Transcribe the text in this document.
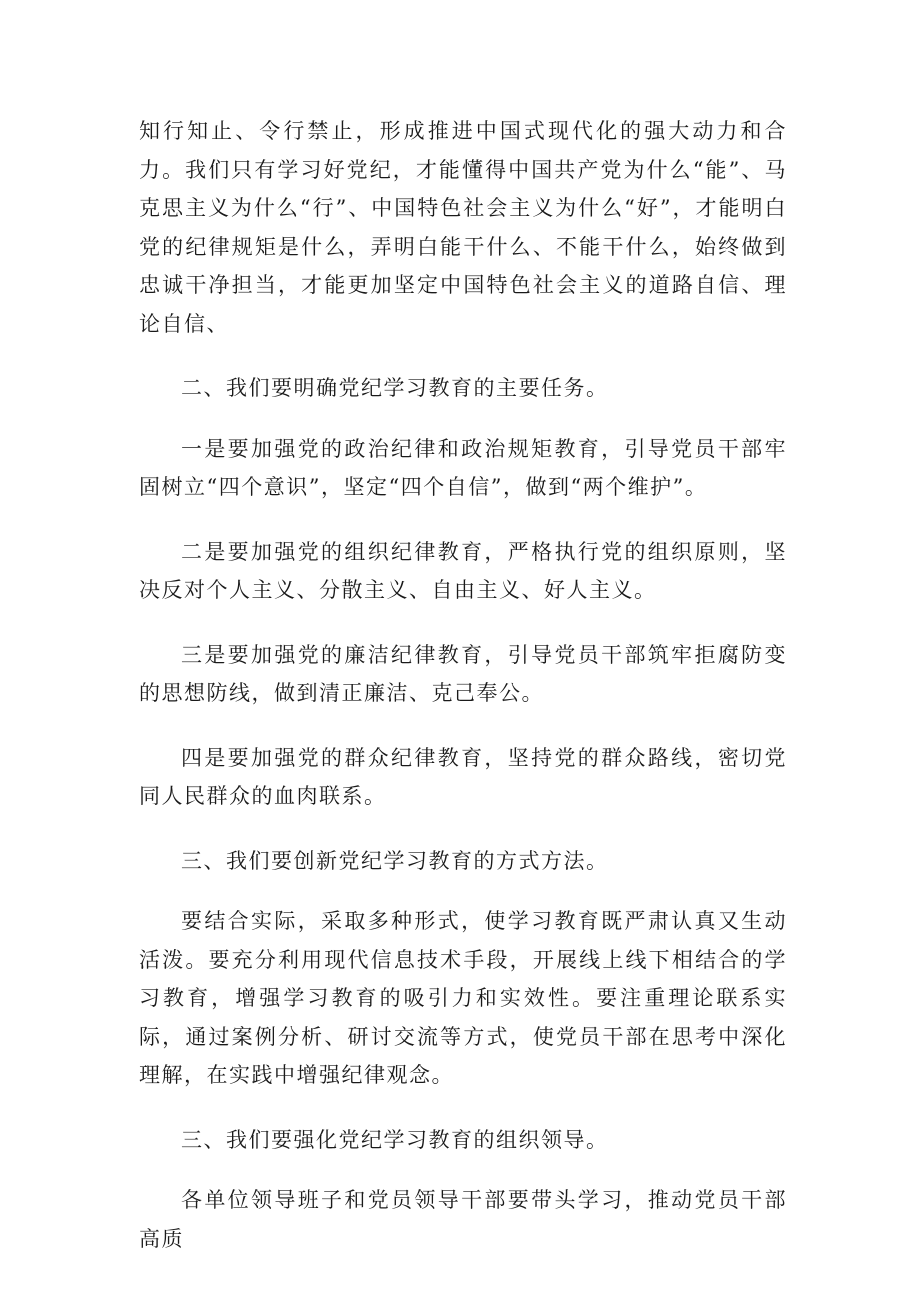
知行知止、令行禁止，形成推进中国式现代化的强大动力和合力。我们只有学习好党纪，才能懂得中国共产党为什么“能”、马克思主义为什么“行”、中国特色社会主义为什么“好”，才能明白党的纪律规矩是什么，弄明白能干什么、不能干什么，始终做到忠诚干净担当，才能更加坚定中国特色社会主义的道路自信、理论自信、

二、我们要明确党纪学习教育的主要任务。

一是要加强党的政治纪律和政治规矩教育，引导党员干部牢固树立“四个意识”，坚定“四个自信”，做到“两个维护”。

二是要加强党的组织纪律教育，严格执行党的组织原则，坚决反对个人主义、分散主义、自由主义、好人主义。

三是要加强党的廉洁纪律教育，引导党员干部筑牢拒腐防变的思想防线，做到清正廉洁、克己奉公。

四是要加强党的群众纪律教育，坚持党的群众路线，密切党同人民群众的血肉联系。

三、我们要创新党纪学习教育的方式方法。

要结合实际，采取多种形式，使学习教育既严肃认真又生动活泼。要充分利用现代信息技术手段，开展线上线下相结合的学习教育，增强学习教育的吸引力和实效性。要注重理论联系实际，通过案例分析、研讨交流等方式，使党员干部在思考中深化理解，在实践中增强纪律观念。

三、我们要强化党纪学习教育的组织领导。

各单位领导班子和党员领导干部要带头学习，推动党员干部高质
